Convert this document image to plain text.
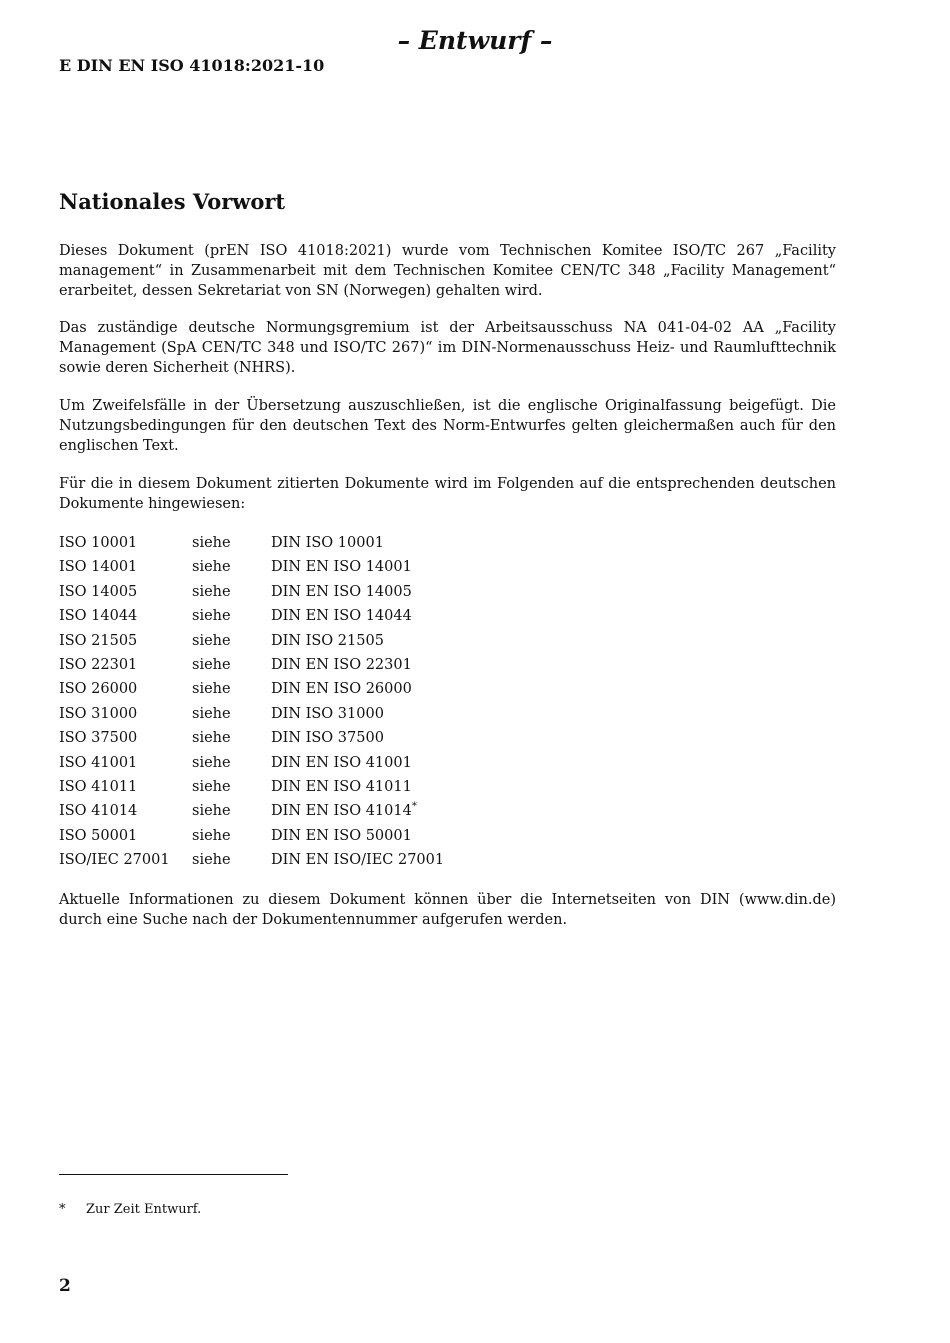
– Entwurf –
E DIN EN ISO 41018:2021-10
Nationales Vorwort

Dieses Dokument (prEN ISO 41018:2021) wurde vom Technischen Komitee ISO/TC 267 „Facility management“ in Zusammenarbeit mit dem Technischen Komitee CEN/TC 348 „Facility Management“ erarbeitet, dessen Sekretariat von SN (Norwegen) gehalten wird.

Das zuständige deutsche Normungsgremium ist der Arbeitsausschuss NA 041-04-02 AA „Facility Management (SpA CEN/TC 348 und ISO/TC 267)“ im DIN-Normenausschuss Heiz- und Raumlufttechnik sowie deren Sicherheit (NHRS).

Um Zweifelsfälle in der Übersetzung auszuschließen, ist die englische Originalfassung beigefügt. Die Nutzungsbedingungen für den deutschen Text des Norm-Entwurfes gelten gleichermaßen auch für den englischen Text.

Für die in diesem Dokument zitierten Dokumente wird im Folgenden auf die entsprechenden deutschen Dokumente hingewiesen:

ISO 10001	siehe	DIN ISO 10001
ISO 14001	siehe	DIN EN ISO 14001
ISO 14005	siehe	DIN EN ISO 14005
ISO 14044	siehe	DIN EN ISO 14044
ISO 21505	siehe	DIN ISO 21505
ISO 22301	siehe	DIN EN ISO 22301
ISO 26000	siehe	DIN EN ISO 26000
ISO 31000	siehe	DIN ISO 31000
ISO 37500	siehe	DIN ISO 37500
ISO 41001	siehe	DIN EN ISO 41001
ISO 41011	siehe	DIN EN ISO 41011
ISO 41014	siehe	DIN EN ISO 41014*
ISO 50001	siehe	DIN EN ISO 50001
ISO/IEC 27001	siehe	DIN EN ISO/IEC 27001

Aktuelle Informationen zu diesem Dokument können über die Internetseiten von DIN (www.din.de) durch eine Suche nach der Dokumentennummer aufgerufen werden.

* Zur Zeit Entwurf.
2
